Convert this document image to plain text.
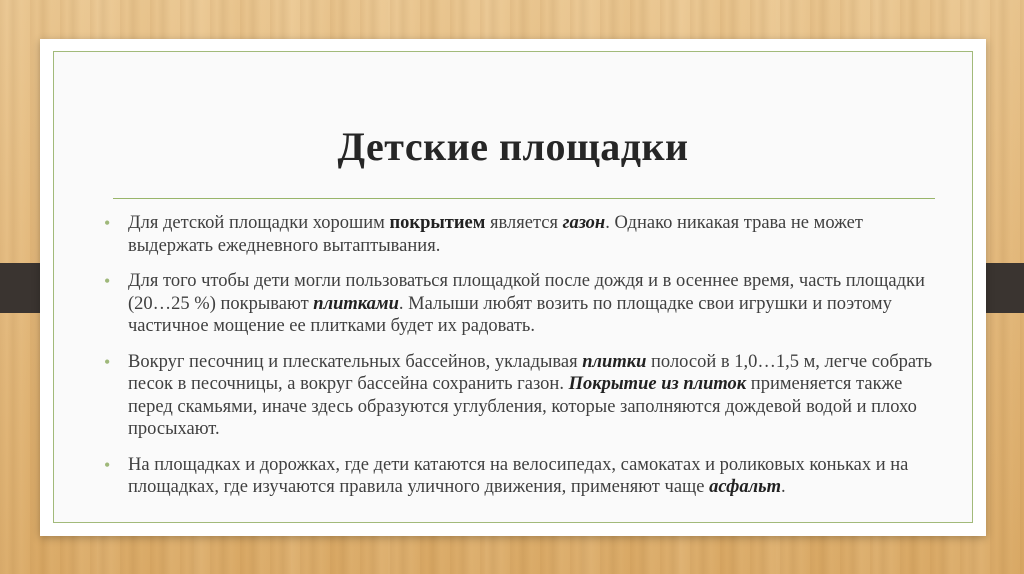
Детские площадки
• Для детской площадки хорошим покрытием является газон. Однако никакая трава не может выдержать ежедневного вытаптывания.
• Для того чтобы дети могли пользоваться площадкой после дождя и в осеннее время, часть площадки (20…25 %) покрывают плитками. Малыши любят возить по площадке свои игрушки и поэтому частичное мощение ее плитками будет их радовать.
• Вокруг песочниц и плескательных бассейнов, укладывая плитки полосой в 1,0…1,5 м, легче собрать песок в песочницы, а вокруг бассейна сохранить газон. Покрытие из плиток применяется также перед скамьями, иначе здесь образуются углубления, которые заполняются дождевой водой и плохо просыхают.
• На площадках и дорожках, где дети катаются на велосипедах, самокатах и роликовых коньках и на площадках, где изучаются правила уличного движения, применяют чаще асфальт.
